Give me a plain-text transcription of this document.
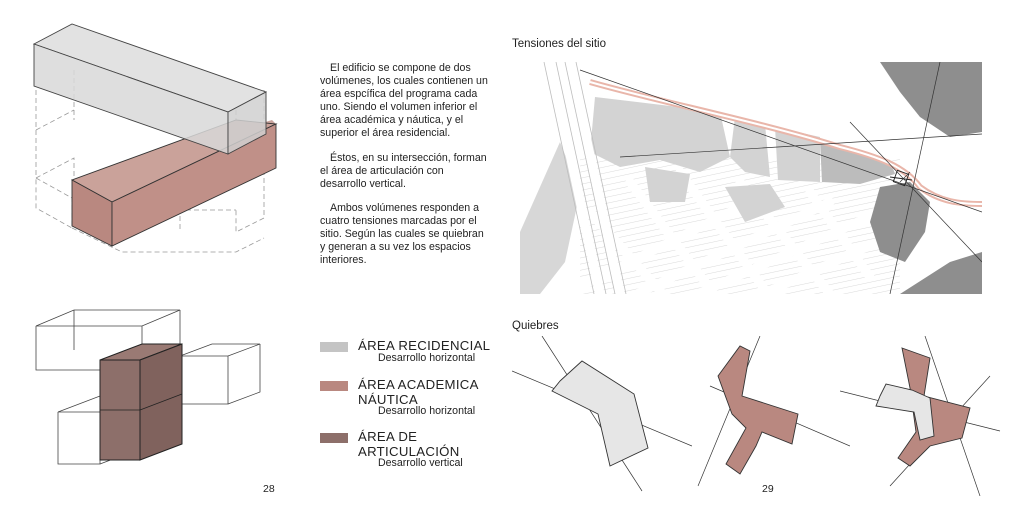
El edificio se compone de dos volúmenes, los cuales contienen un área espcífica del programa cada uno. Siendo el volumen inferior el área académica y náutica, y el superior el área residencial.

Éstos, en su intersección, forman el área de articulación con desarrollo vertical.

Ambos volúmenes responden a cuatro tensiones marcadas por el sitio. Según las cuales se quiebran y generan a su vez los espacios interiores.

ÁREA RECIDENCIAL
Desarrollo horizontal
ÁREA ACADEMICA NÁUTICA
Desarrollo horizontal
ÁREA DE ARTICULACIÓN
Desarrollo vertical
Tensiones del sitio
Quiebres
28	29
